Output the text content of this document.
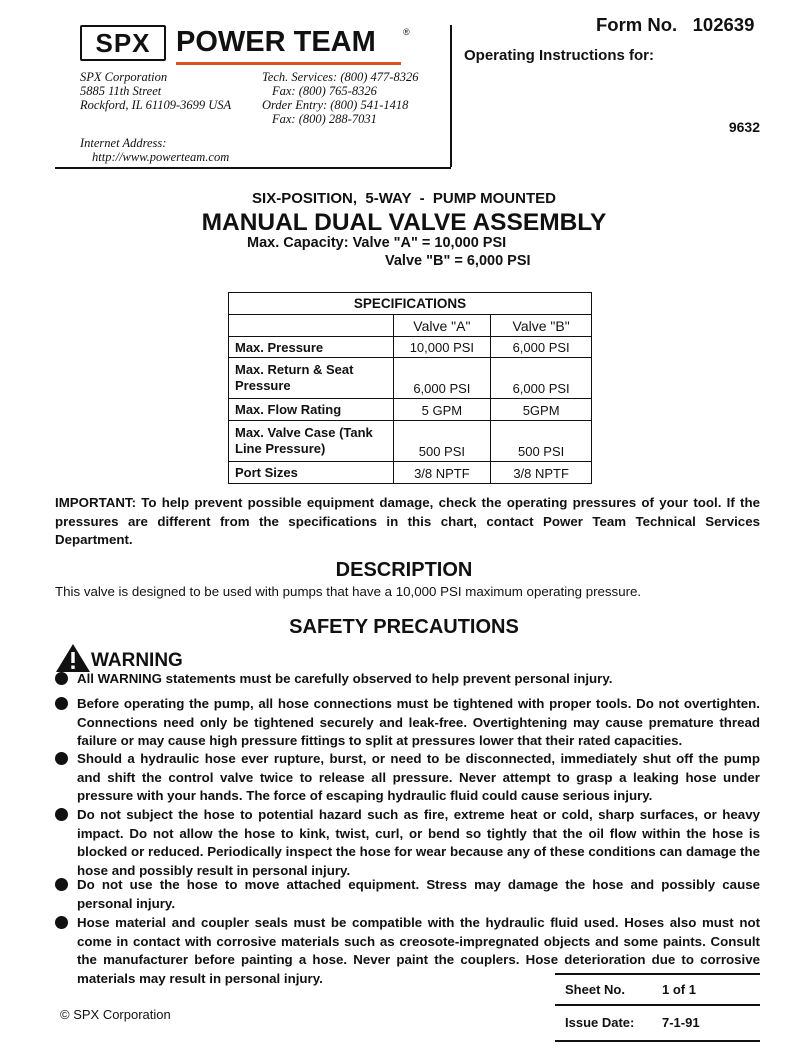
SPX POWER TEAM	®
SPX Corporation
5885 11th Street
Rockford, IL 61109-3699 USA
Tech. Services: (800) 477-8326
Fax: (800) 765-8326
Order Entry: (800) 541-1418
Fax: (800) 288-7031
Internet Address:
http://www.powerteam.com
Form No. 102639
Operating Instructions for:
9632
SIX-POSITION,  5-WAY  -  PUMP MOUNTED
MANUAL DUAL VALVE ASSEMBLY
Max. Capacity: Valve "A" = 10,000 PSI
Valve "B" = 6,000 PSI
SPECIFICATIONS		
	Valve "A"	Valve "B"
Max. Pressure	10,000 PSI	6,000 PSI
Max. Return & Seat Pressure	6,000 PSI	6,000 PSI
Max. Flow Rating	5 GPM	5GPM
Max. Valve Case (Tank Line Pressure)	500 PSI	500 PSI
Port Sizes	3/8 NPTF	3/8 NPTF
IMPORTANT: To help prevent possible equipment damage, check the operating pressures of your tool. If the pressures are different from the specifications in this chart, contact Power Team Technical Services Department.
DESCRIPTION
This valve is designed to be used with pumps that have a 10,000 PSI maximum operating pressure.
SAFETY PRECAUTIONS
WARNING
All WARNING statements must be carefully observed to help prevent personal injury.
Before operating the pump, all hose connections must be tightened with proper tools. Do not overtighten. Connections need only be tightened securely and leak-free. Overtightening may cause premature thread failure or may cause high pressure fittings to split at pressures lower that their rated capacities.
Should a hydraulic hose ever rupture, burst, or need to be disconnected, immediately shut off the pump and shift the control valve twice to release all pressure. Never attempt to grasp a leaking hose under pressure with your hands. The force of escaping hydraulic fluid could cause serious injury.
Do not subject the hose to potential hazard such as fire, extreme heat or cold, sharp surfaces, or heavy impact. Do not allow the hose to kink, twist, curl, or bend so tightly that the oil flow within the hose is blocked or reduced. Periodically inspect the hose for wear because any of these conditions can damage the hose and possibly result in personal injury.
Do not use the hose to move attached equipment. Stress may damage the hose and possibly cause personal injury.
Hose material and coupler seals must be compatible with the hydraulic fluid used. Hoses also must not come in contact with corrosive materials such as creosote-impregnated objects and some paints. Consult the manufacturer before painting a hose. Never paint the couplers. Hose deterioration due to corrosive materials may result in personal injury.
© SPX Corporation
Sheet No.	1 of 1
Issue Date: 7-1-91
